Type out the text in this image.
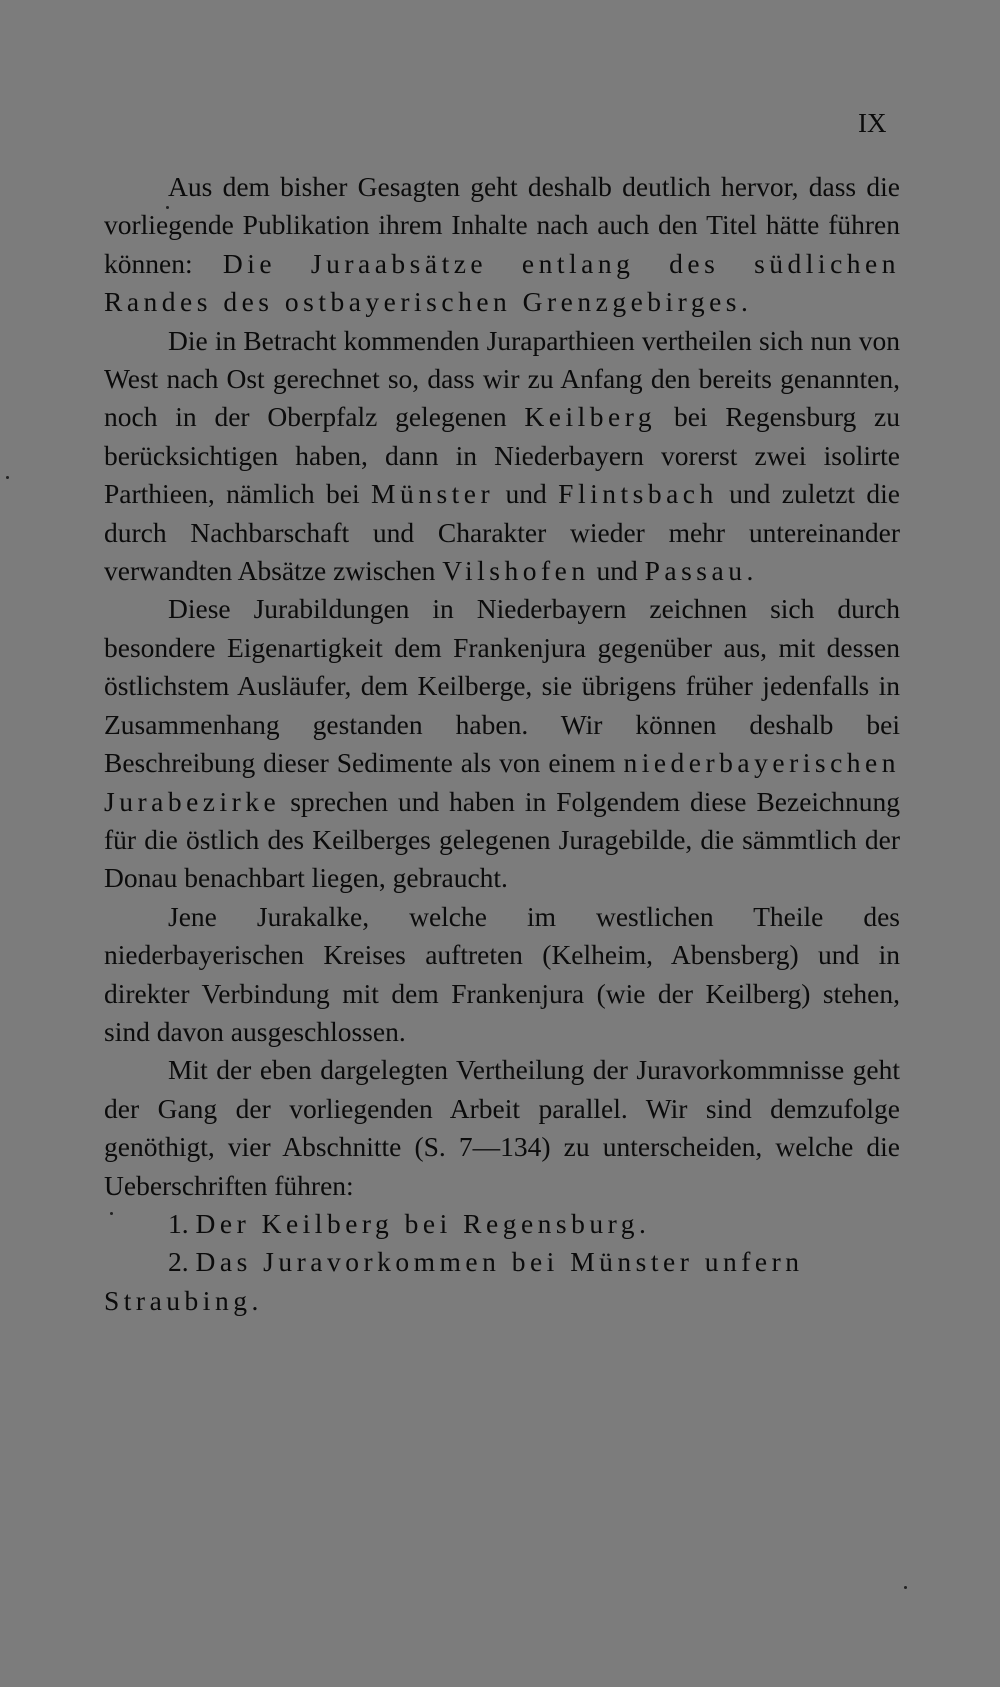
IX

Aus dem bisher Gesagten geht deshalb deutlich hervor, dass die vorliegende Publikation ihrem Inhalte nach auch den Titel hätte führen können: Die Juraabsätze entlang des südlichen Randes des ostbayerischen Grenzgebirges.

Die in Betracht kommenden Juraparthieen vertheilen sich nun von West nach Ost gerechnet so, dass wir zu Anfang den bereits genannten, noch in der Oberpfalz gelegenen Keilberg bei Regensburg zu berücksichtigen haben, dann in Niederbayern vorerst zwei isolirte Parthieen, nämlich bei Münster und Flintsbach und zuletzt die durch Nachbarschaft und Charakter wieder mehr untereinander verwandten Absätze zwischen Vilshofen und Passau.

Diese Jurabildungen in Niederbayern zeichnen sich durch besondere Eigenartigkeit dem Frankenjura gegenüber aus, mit dessen östlichstem Ausläufer, dem Keilberge, sie übrigens früher jedenfalls in Zusammenhang gestanden haben. Wir können deshalb bei Beschreibung dieser Sedimente als von einem niederbayerischen Jurabezirke sprechen und haben in Folgendem diese Bezeichnung für die östlich des Keilberges gelegenen Juragebilde, die sämmtlich der Donau benachbart liegen, gebraucht.

Jene Jurakalke, welche im westlichen Theile des niederbayerischen Kreises auftreten (Kelheim, Abensberg) und in direkter Verbindung mit dem Frankenjura (wie der Keilberg) stehen, sind davon ausgeschlossen.

Mit der eben dargelegten Vertheilung der Juravorkommnisse geht der Gang der vorliegenden Arbeit parallel. Wir sind demzufolge genöthigt, vier Abschnitte (S. 7—134) zu unterscheiden, welche die Ueberschriften führen:

1. Der Keilberg bei Regensburg.

2. Das Juravorkommen bei Münster unfern Straubing.
